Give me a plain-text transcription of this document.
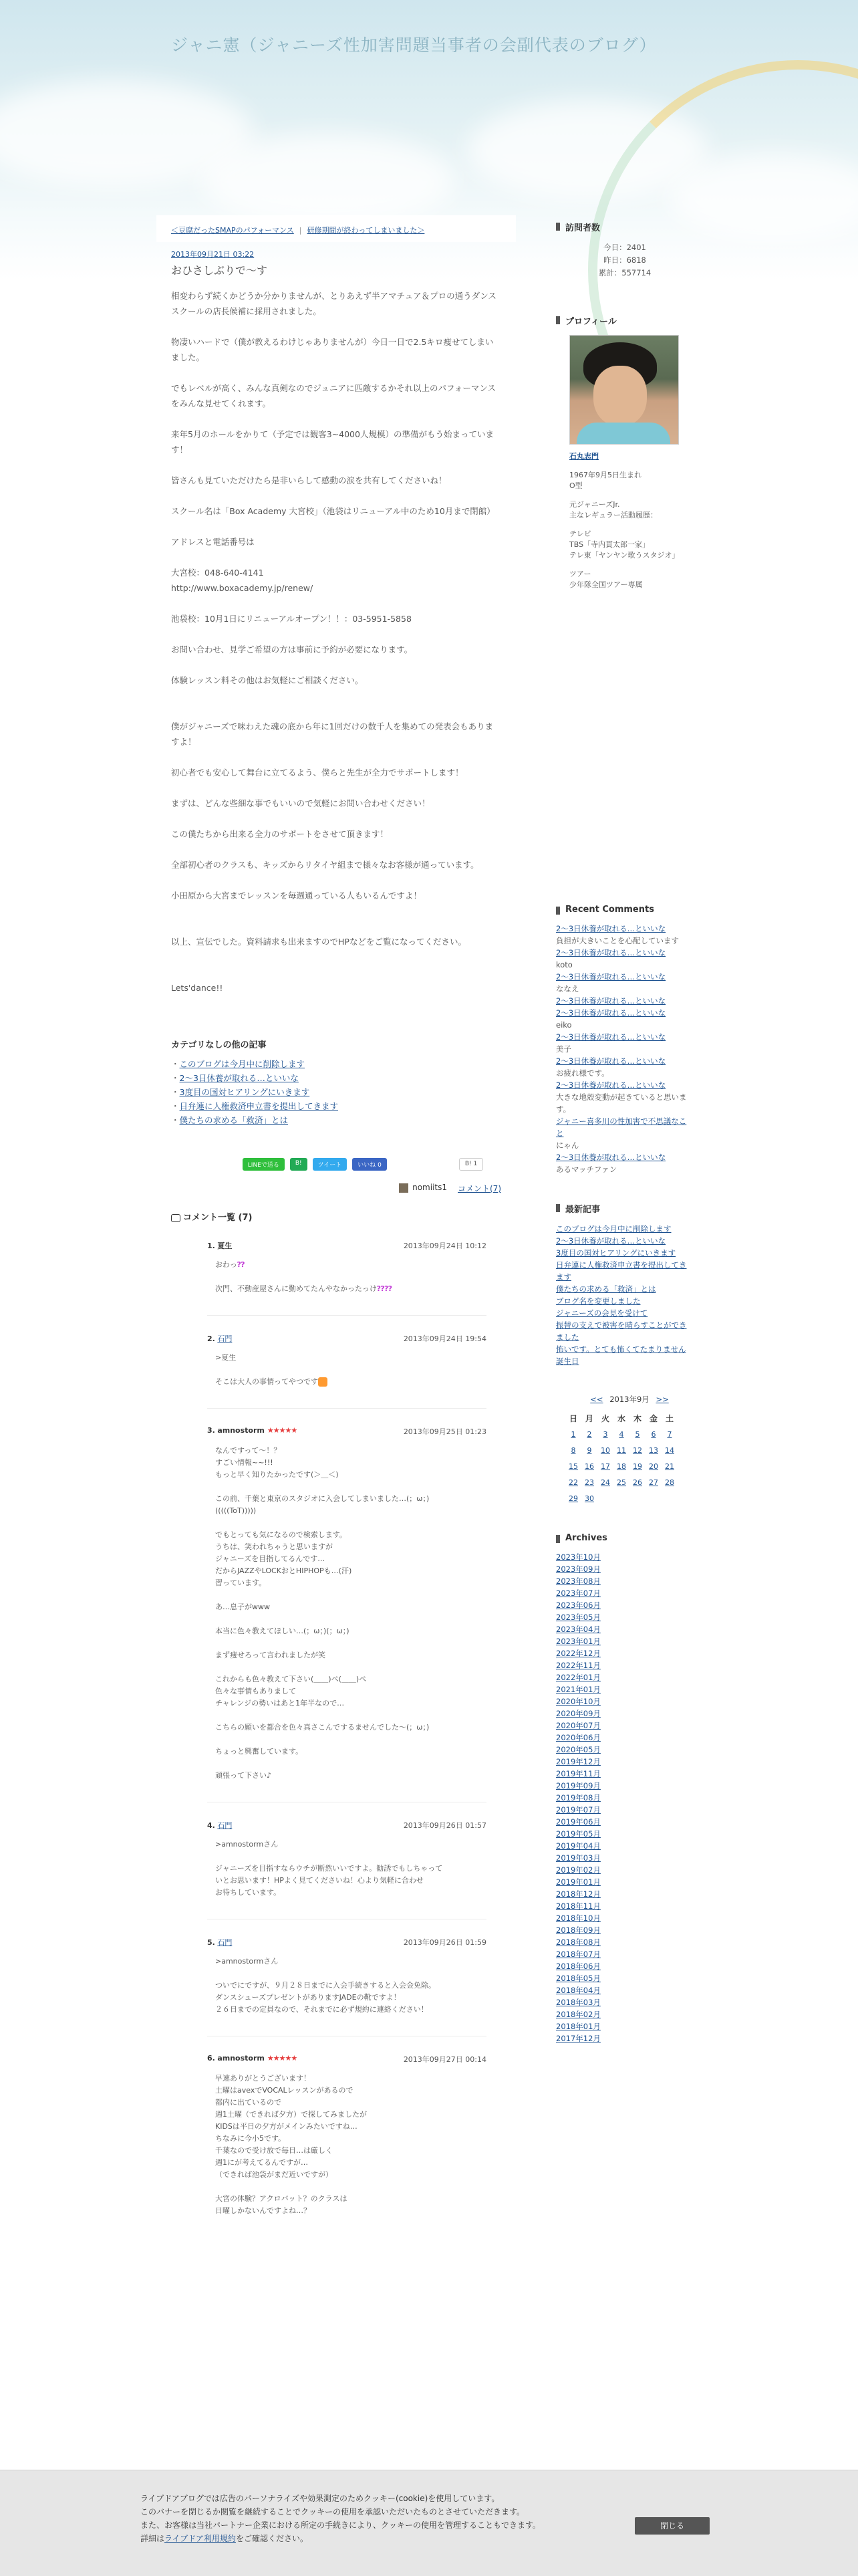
ジャニ憲（ジャニーズ性加害問題当事者の会副代表のブログ）
＜豆腐だったSMAPのパフォーマンス | 研修期間が終わってしまいました＞
2013年09月21日 03:22
おひさしぶりで〜す

相変わらず続くかどうか分かりませんが、とりあえず半アマチュア＆プロの通うダンススクールの店長候補に採用されました。

物凄いハードで（僕が教えるわけじゃありませんが）今日一日で2.5キロ痩せてしまいました。

でもレベルが高く、みんな真剣なのでジュニアに匹敵するかそれ以上のパフォーマンスをみんな見せてくれます。

来年5月のホールをかりて（予定では観客3~4000人規模）の準備がもう始まっています！

皆さんも見ていただけたら是非いらして感動の涙を共有してくださいね！

スクール名は「Box Academy 大宮校」（池袋はリニューアル中のため10月まで閉館）

アドレスと電話番号は

大宮校：048-640-4141
http://www.boxacademy.jp/renew/

池袋校：10月1日にリニューアルオープン！！：03-5951-5858

お問い合わせ、見学ご希望の方は事前に予約が必要になります。

体験レッスン料その他はお気軽にご相談ください。

僕がジャニーズで味わえた魂の底から年に1回だけの数千人を集めての発表会もありますよ！

初心者でも安心して舞台に立てるよう、僕らと先生が全力でサポートします！

まずは、どんな些細な事でもいいので気軽にお問い合わせください！

この僕たちから出来る全力のサポートをさせて頂きます！

全部初心者のクラスも、キッズからリタイヤ組まで様々なお客様が通っています。

小田原から大宮までレッスンを毎週通っている人もいるんですよ！

以上、宣伝でした。資料請求も出来ますのでHPなどをご覧になってください。

Lets'dance!!

カテゴリなしの他の記事
・ このブログは今月中に削除します
・ 2〜3日休養が取れる…といいな
・ 3度目の国対ヒアリングにいきます
・ 日弁連に人権救済申立書を提出してきます
・ 僕たちの求める「救済」とは
LINEで送る	B!	ツイート	いいね 0	B! 1
nomiits1 コメント(7)
コメント一覧 (7)
1. 夏生	2013年09月24日 10:12
おわっ⁇

次門、不動産屋さんに勤めてたんやなかったっけ⁇⁇
2. 石門	2013年09月24日 19:54
>夏生

そこは大人の事情ってやつです
3. amnostorm ★★★★★	2013年09月25日 01:23
なんですって〜！？
すごい情報~~!!!
もっと早く知りたかったです(＞＿＜)

この前、千葉と東京のスタジオに入会してしまいました…(；ω；)
(((((ToT)))))

でもとっても気になるので検索します。
うちは、笑われちゃうと思いますが
ジャニーズを目指してるんです…
だからJAZZやLOCKおとHIPHOPも…(汗)
習っています。

あ…息子がwww

本当に色々教えてほしい…(；ω；)(；ω；)

まず痩せろって言われましたが笑

これからも色々教えて下さい(＿＿)ペ(＿＿)ペ
色々な事情もありまして
チャレンジの勢いはあと1年半なので…

こちらの願いを都合を色々真さこんでするませんでした〜(；ω；)

ちょっと興奮しています。

頑張って下さい♪
4. 石門	2013年09月26日 01:57
>amnostormさん

ジャニーズを目指すならウチが断然いいですよ。勧誘でもしちゃって
いとお思います！HPよく見てくださいね！心より気軽に合わせ
お待ちしています。
5. 石門	2013年09月26日 01:59
>amnostormさん

ついでにですが、９月２８日までに入会手続きすると入会金免除。
ダンスシューズプレゼントがありますJADEの靴ですよ！
２６日までの定員なので、それまでに必ず規約に連絡ください！
6. amnostorm ★★★★★	2013年09月27日 00:14
早速ありがとうございます！
土曜はavexでVOCALレッスンがあるので
都内に出ているので
週1土曜（できれば夕方）で探してみましたが
KIDSは平日の夕方がメインみたいですね…
ちなみに今小5です。
千葉なので受け放で毎日…は厳しく
週1にが考えてるんですが…
（できれば池袋がまだ近いですが）

大宮の体験？アクロバット？のクラスは
日曜しかないんですよね…？
訪問者数
今日：2401
昨日：6818
累計：557714
プロフィール

石丸志門

1967年9月5日生まれ
O型

元ジャニーズJr.
主なレギュラー活動履歴：

テレビ
TBS「寺内貫太郎一家」
テレ東「ヤンヤン歌うスタジオ」

ツアー
少年隊全国ツアー専属

Recent Comments
2〜3日休養が取れる…といいな
負担が大きいことを心配しています
2〜3日休養が取れる…といいな
koto
2〜3日休養が取れる…といいな
ななえ
2〜3日休養が取れる…といいな
2〜3日休養が取れる…といいな
eiko
2〜3日休養が取れる…といいな
美子
2〜3日休養が取れる…といいな
お疲れ様です。
2〜3日休養が取れる…といいな
大きな地殻変動が起きていると思います。
ジャニー喜多川の性加害で不思議なこと
にゃん
2〜3日休養が取れる…といいな
あるマッチファン
最新記事
このブログは今月中に削除します
2〜3日休養が取れる…といいな
3度目の国対ヒアリングにいきます
日弁連に人権救済申立書を提出してきます
僕たちの求める「救済」とは
ブログ名を変更しました
ジャニーズの会見を受けて
振替の支えで被害を晴らすことができました
怖いです。とても怖くてたまりません
誕生日
<< 2013年9月 >>
日	月	火	水	木	金	土
1	2	3	4	5	6	7
8	9	10	11	12	13	14
15	16	17	18	19	20	21
22	23	24	25	26	27	28
29	30					
Archives
2023年10月
2023年09月
2023年08月
2023年07月
2023年06月
2023年05月
2023年04月
2023年01月
2022年12月
2022年11月
2022年01月
2021年01月
2020年10月
2020年09月
2020年07月
2020年06月
2020年05月
2019年12月
2019年11月
2019年09月
2019年08月
2019年07月
2019年06月
2019年05月
2019年04月
2019年03月
2019年02月
2019年01月
2018年12月
2018年11月
2018年10月
2018年09月
2018年08月
2018年07月
2018年06月
2018年05月
2018年04月
2018年03月
2018年02月
2018年01月
2017年12月
ライブドアブログでは広告のパーソナライズや効果測定のためクッキー(cookie)を使用しています。
このバナーを閉じるか閲覧を継続することでクッキーの使用を承認いただいたものとさせていただきます。
また、お客様は当社パートナー企業における所定の手続きにより、クッキーの使用を管理することもできます。
詳細はライブドア利用規約をご確認ください。
閉じる
